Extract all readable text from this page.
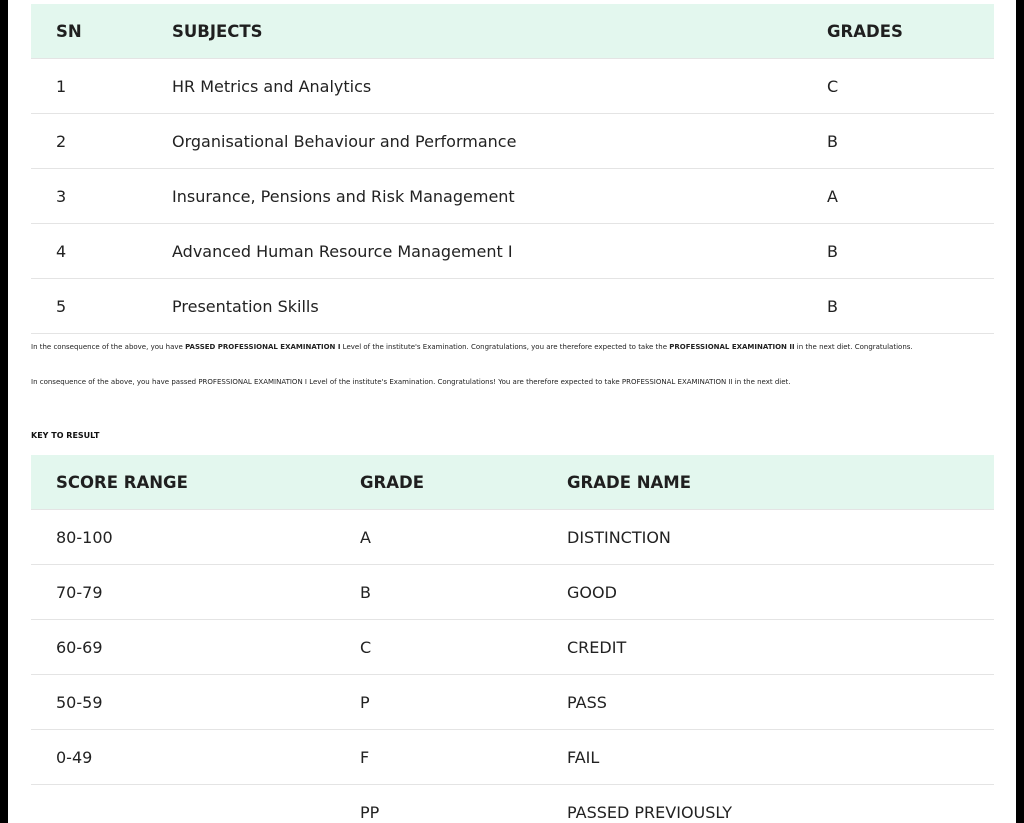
SN	SUBJECTS	GRADES
1	HR Metrics and Analytics	C
2	Organisational Behaviour and Performance	B
3	Insurance, Pensions and Risk Management	A
4	Advanced Human Resource Management I	B
5	Presentation Skills	B
In the consequence of the above, you have PASSED PROFESSIONAL EXAMINATION I Level of the institute's Examination. Congratulations, you are therefore expected to take the PROFESSIONAL EXAMINATION II in the next diet. Congratulations.
In consequence of the above, you have passed PROFESSIONAL EXAMINATION I Level of the institute's Examination. Congratulations! You are therefore expected to take PROFESSIONAL EXAMINATION II in the next diet.
KEY TO RESULT
SCORE RANGE	GRADE	GRADE NAME
80-100	A	DISTINCTION
70-79	B	GOOD
60-69	C	CREDIT
50-59	P	PASS
0-49	F	FAIL
	PP	PASSED PREVIOUSLY
